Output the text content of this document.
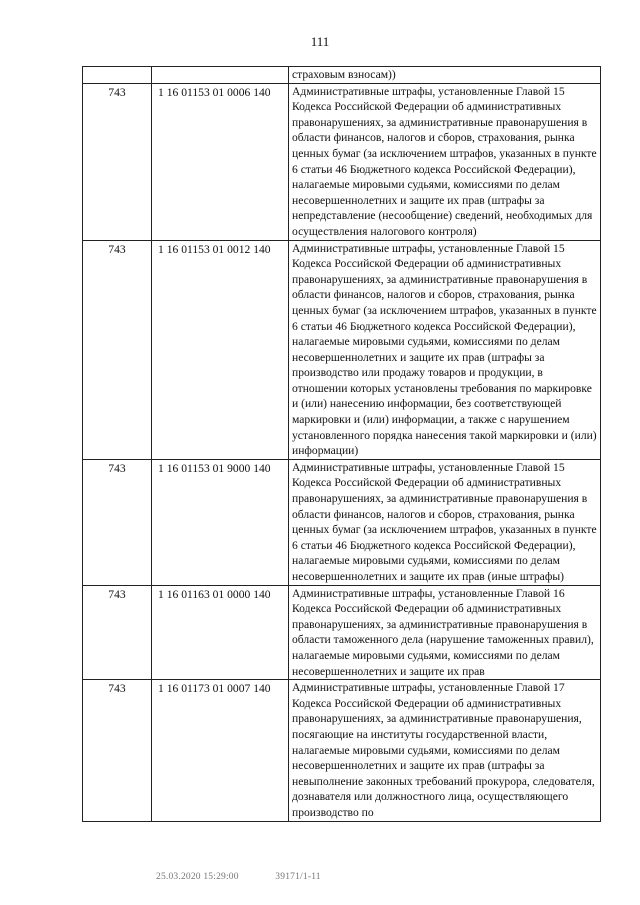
111
		страховым взносам))
743	1 16 01153 01 0006 140	Административные штрафы, установленные Главой 15 Кодекса Российской Федерации об административных правонарушениях, за административные правонарушения в области финансов, налогов и сборов, страхования, рынка ценных бумаг (за исключением штрафов, указанных в пункте 6 статьи 46 Бюджетного кодекса Российской Федерации), налагаемые мировыми судьями, комиссиями по делам несовершеннолетних и защите их прав (штрафы за непредставление (несообщение) сведений, необходимых для осуществления налогового контроля)
743	1 16 01153 01 0012 140	Административные штрафы, установленные Главой 15 Кодекса Российской Федерации об административных правонарушениях, за административные правонарушения в области финансов, налогов и сборов, страхования, рынка ценных бумаг (за исключением штрафов, указанных в пункте 6 статьи 46 Бюджетного кодекса Российской Федерации), налагаемые мировыми судьями, комиссиями по делам несовершеннолетних и защите их прав (штрафы за производство или продажу товаров и продукции, в отношении которых установлены требования по маркировке и (или) нанесению информации, без соответствующей маркировки и (или) информации, а также с нарушением установленного порядка нанесения такой маркировки и (или) информации)
743	1 16 01153 01 9000 140	Административные штрафы, установленные Главой 15 Кодекса Российской Федерации об административных правонарушениях, за административные правонарушения в области финансов, налогов и сборов, страхования, рынка ценных бумаг (за исключением штрафов, указанных в пункте 6 статьи 46 Бюджетного кодекса Российской Федерации), налагаемые мировыми судьями, комиссиями по делам несовершеннолетних и защите их прав (иные штрафы)
743	1 16 01163 01 0000 140	Административные штрафы, установленные Главой 16 Кодекса Российской Федерации об административных правонарушениях, за административные правонарушения в области таможенного дела (нарушение таможенных правил), налагаемые мировыми судьями, комиссиями по делам несовершеннолетних и защите их прав
743	1 16 01173 01 0007 140	Административные штрафы, установленные Главой 17 Кодекса Российской Федерации об административных правонарушениях, за административные правонарушения, посягающие на институты государственной власти, налагаемые мировыми судьями, комиссиями по делам несовершеннолетних и защите их прав (штрафы за невыполнение законных требований прокурора, следователя, дознавателя или должностного лица, осуществляющего производство по
25.03.2020 15:29:00	39171/1-11
